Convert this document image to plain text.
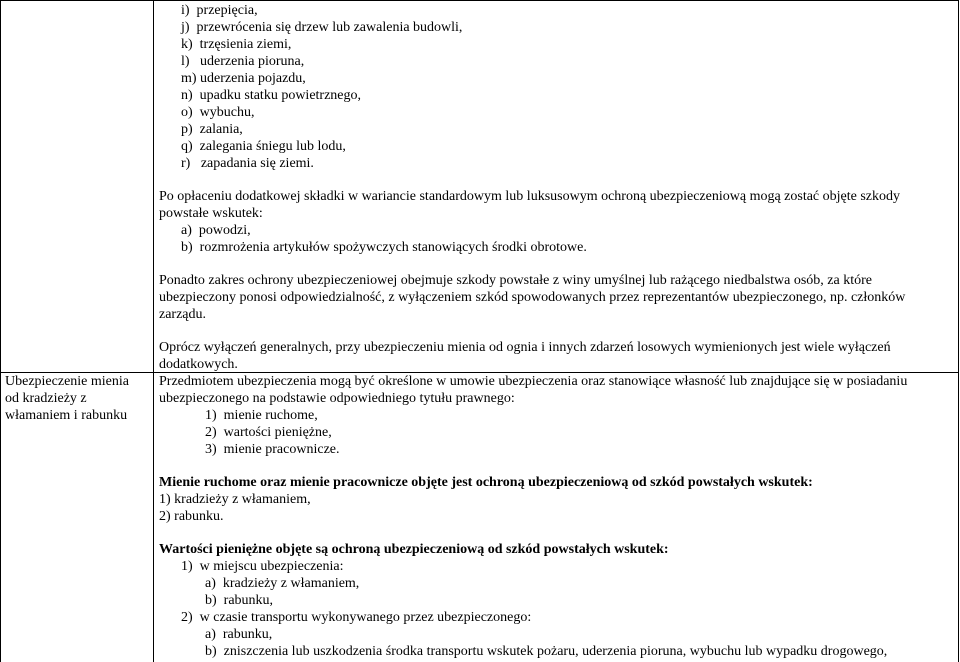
i)  przepięcia,
j)  przewrócenia się drzew lub zawalenia budowli,
k)  trzęsienia ziemi,
l)   uderzenia pioruna,
m) uderzenia pojazdu,
n)  upadku statku powietrznego,
o)  wybuchu,
p)  zalania,
q)  zalegania śniegu lub lodu,
r)   zapadania się ziemi.
Po opłaceniu dodatkowej składki w wariancie standardowym lub luksusowym ochroną ubezpieczeniową mogą zostać objęte szkody
powstałe wskutek:
a)  powodzi,
b)  rozmrożenia artykułów spożywczych stanowiących środki obrotowe.
Ponadto zakres ochrony ubezpieczeniowej obejmuje szkody powstałe z winy umyślnej lub rażącego niedbalstwa osób, za które
ubezpieczony ponosi odpowiedzialność, z wyłączeniem szkód spowodowanych przez reprezentantów ubezpieczonego, np. członków
zarządu.
Oprócz wyłączeń generalnych, przy ubezpieczeniu mienia od ognia i innych zdarzeń losowych wymienionych jest wiele wyłączeń
dodatkowych.
Ubezpieczenie mienia
od kradzieży z
włamaniem i rabunku
Przedmiotem ubezpieczenia mogą być określone w umowie ubezpieczenia oraz stanowiące własność lub znajdujące się w posiadaniu
ubezpieczonego na podstawie odpowiedniego tytułu prawnego:
1)  mienie ruchome,
2)  wartości pieniężne,
3)  mienie pracownicze.
Mienie ruchome oraz mienie pracownicze objęte jest ochroną ubezpieczeniową od szkód powstałych wskutek:
1) kradzieży z włamaniem,
2) rabunku.
Wartości pieniężne objęte są ochroną ubezpieczeniową od szkód powstałych wskutek:
1)  w miejscu ubezpieczenia:
a)  kradzieży z włamaniem,
b)  rabunku,
2)  w czasie transportu wykonywanego przez ubezpieczonego:
a)  rabunku,
b)  zniszczenia lub uszkodzenia środka transportu wskutek pożaru, uderzenia pioruna, wybuchu lub wypadku drogowego,
